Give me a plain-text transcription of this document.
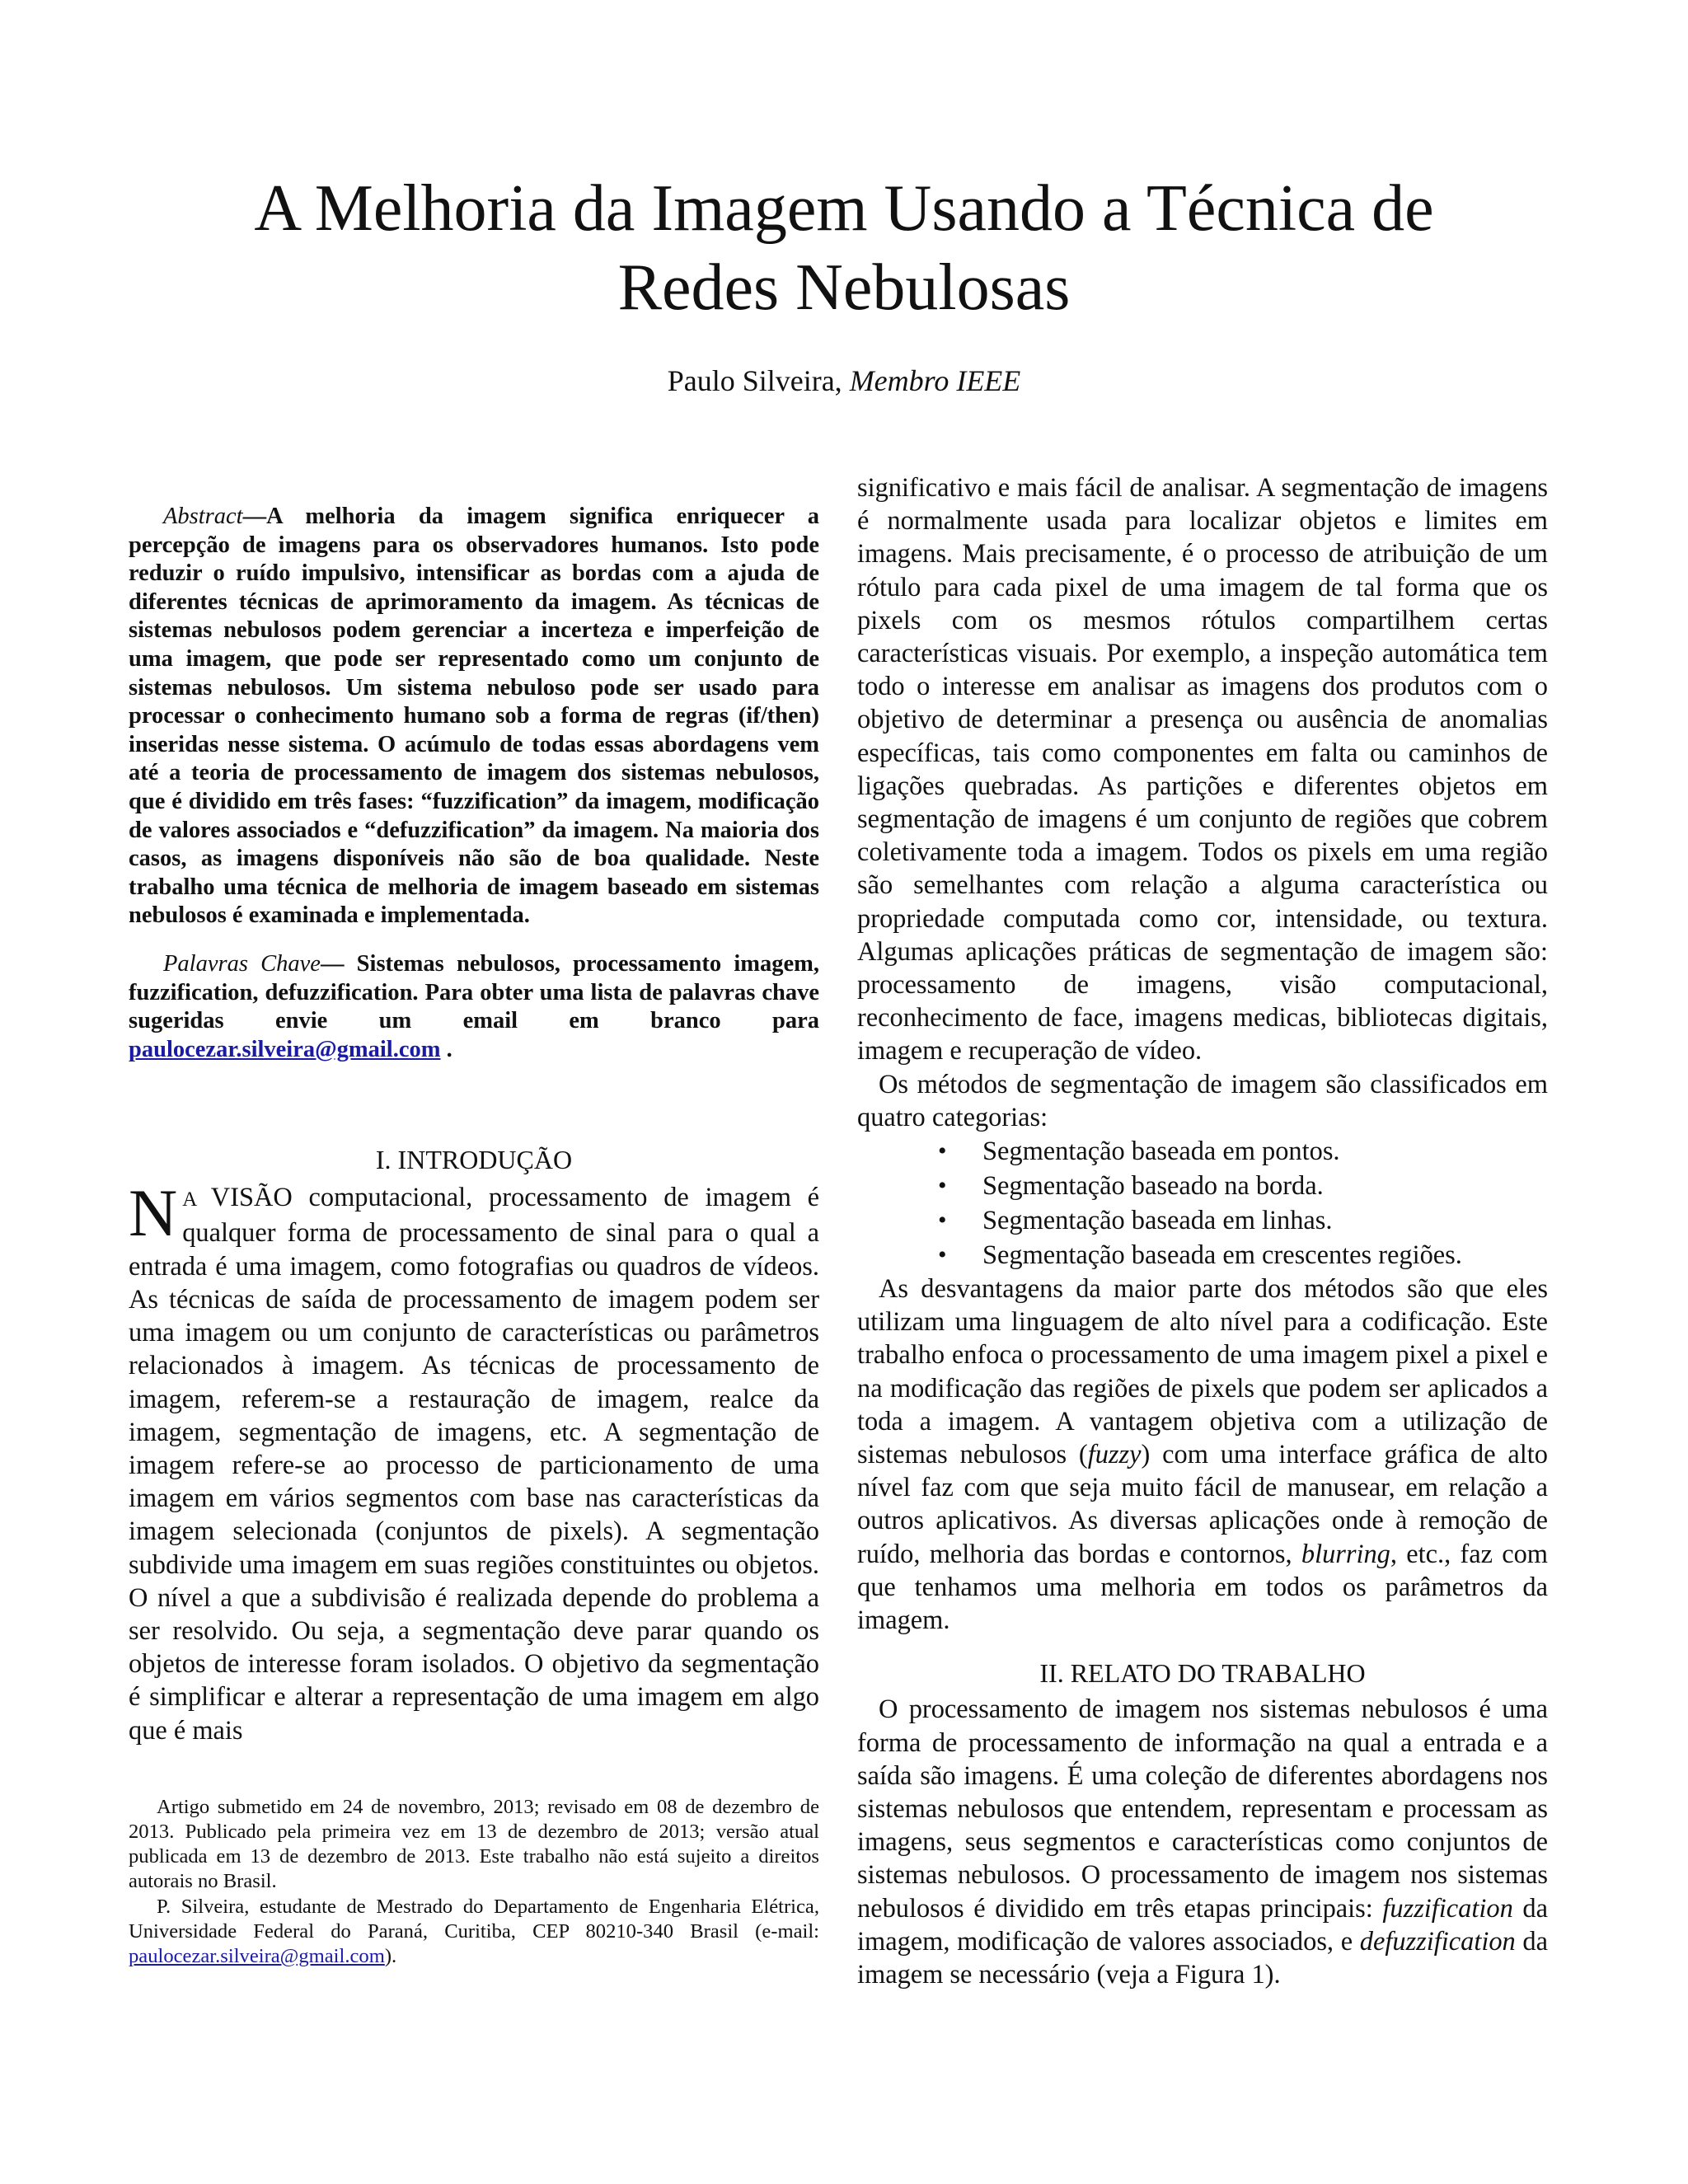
A Melhoria da Imagem Usando a Técnica de
Redes Nebulosas
Paulo Silveira, Membro IEEE

Abstract—A melhoria da imagem significa enriquecer a percepção de imagens para os observadores humanos. Isto pode reduzir o ruído impulsivo, intensificar as bordas com a ajuda de diferentes técnicas de aprimoramento da imagem. As técnicas de sistemas nebulosos podem gerenciar a incerteza e imperfeição de uma imagem, que pode ser representado como um conjunto de sistemas nebulosos. Um sistema nebuloso pode ser usado para processar o conhecimento humano sob a forma de regras (if/then) inseridas nesse sistema. O acúmulo de todas essas abordagens vem até a teoria de processamento de imagem dos sistemas nebulosos, que é dividido em três fases: “fuzzification” da imagem, modificação de valores associados e “defuzzification” da imagem. Na maioria dos casos, as imagens disponíveis não são de boa qualidade. Neste trabalho uma técnica de melhoria de imagem baseado em sistemas nebulosos é examinada e implementada.

Palavras Chave— Sistemas nebulosos, processamento imagem, fuzzification, defuzzification. Para obter uma lista de palavras chave sugeridas envie um email em branco para paulocezar.silveira@gmail.com .

I. INTRODUÇÃO

N A VISÃO computacional, processamento de imagem é qualquer forma de processamento de sinal para o qual a entrada é uma imagem, como fotografias ou quadros de vídeos. As técnicas de saída de processamento de imagem podem ser uma imagem ou um conjunto de características ou parâmetros relacionados à imagem. As técnicas de processamento de imagem, referem-se a restauração de imagem, realce da imagem, segmentação de imagens, etc. A segmentação de imagem refere-se ao processo de particionamento de uma imagem em vários segmentos com base nas características da imagem selecionada (conjuntos de pixels). A segmentação subdivide uma imagem em suas regiões constituintes ou objetos. O nível a que a subdivisão é realizada depende do problema a ser resolvido. Ou seja, a segmentação deve parar quando os objetos de interesse foram isolados. O objetivo da segmentação é simplificar e alterar a representação de uma imagem em algo que é mais

Artigo submetido em 24 de novembro, 2013; revisado em 08 de dezembro de 2013. Publicado pela primeira vez em 13 de dezembro de 2013; versão atual publicada em 13 de dezembro de 2013. Este trabalho não está sujeito a direitos autorais no Brasil.

P. Silveira, estudante de Mestrado do Departamento de Engenharia Elétrica, Universidade Federal do Paraná, Curitiba, CEP 80210-340 Brasil (e-mail: paulocezar.silveira@gmail.com).

significativo e mais fácil de analisar. A segmentação de imagens é normalmente usada para localizar objetos e limites em imagens. Mais precisamente, é o processo de atribuição de um rótulo para cada pixel de uma imagem de tal forma que os pixels com os mesmos rótulos compartilhem certas características visuais. Por exemplo, a inspeção automática tem todo o interesse em analisar as imagens dos produtos com o objetivo de determinar a presença ou ausência de anomalias específicas, tais como componentes em falta ou caminhos de ligações quebradas. As partições e diferentes objetos em segmentação de imagens é um conjunto de regiões que cobrem coletivamente toda a imagem. Todos os pixels em uma região são semelhantes com relação a alguma característica ou propriedade computada como cor, intensidade, ou textura. Algumas aplicações práticas de segmentação de imagem são: processamento de imagens, visão computacional, reconhecimento de face, imagens medicas, bibliotecas digitais, imagem e recuperação de vídeo.

Os métodos de segmentação de imagem são classificados em quatro categorias:

• Segmentação baseada em pontos.
• Segmentação baseado na borda.
• Segmentação baseada em linhas.
• Segmentação baseada em crescentes regiões.

As desvantagens da maior parte dos métodos são que eles utilizam uma linguagem de alto nível para a codificação. Este trabalho enfoca o processamento de uma imagem pixel a pixel e na modificação das regiões de pixels que podem ser aplicados a toda a imagem. A vantagem objetiva com a utilização de sistemas nebulosos (fuzzy) com uma interface gráfica de alto nível faz com que seja muito fácil de manusear, em relação a outros aplicativos. As diversas aplicações onde à remoção de ruído, melhoria das bordas e contornos, blurring, etc., faz com que tenhamos uma melhoria em todos os parâmetros da imagem.

II. RELATO DO TRABALHO

O processamento de imagem nos sistemas nebulosos é uma forma de processamento de informação na qual a entrada e a saída são imagens. É uma coleção de diferentes abordagens nos sistemas nebulosos que entendem, representam e processam as imagens, seus segmentos e características como conjuntos de sistemas nebulosos. O processamento de imagem nos sistemas nebulosos é dividido em três etapas principais: fuzzification da imagem, modificação de valores associados, e defuzzification da imagem se necessário (veja a Figura 1).
